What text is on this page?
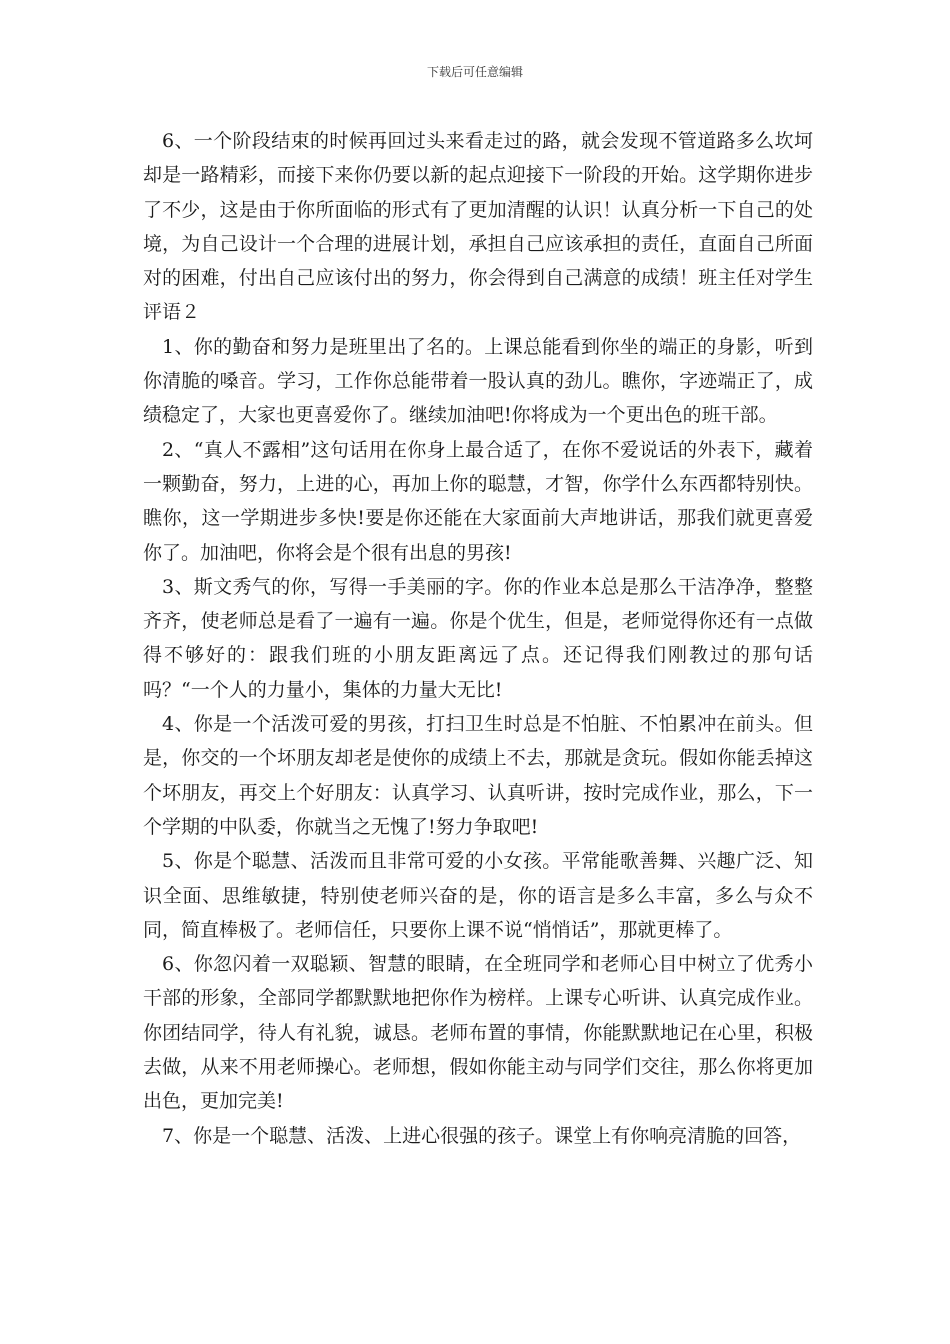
下载后可任意编辑

6、一个阶段结束的时候再回过头来看走过的路，就会发现不管道路多么坎坷却是一路精彩，而接下来你仍要以新的起点迎接下一阶段的开始。这学期你进步了不少，这是由于你所面临的形式有了更加清醒的认识！认真分析一下自己的处境，为自己设计一个合理的进展计划，承担自己应该承担的责任，直面自己所面对的困难，付出自己应该付出的努力，你会得到自己满意的成绩！班主任对学生评语２

1、你的勤奋和努力是班里出了名的。上课总能看到你坐的端正的身影，听到你清脆的嗓音。学习，工作你总能带着一股认真的劲儿。瞧你，字迹端正了，成绩稳定了，大家也更喜爱你了。继续加油吧!你将成为一个更出色的班干部。

2、“真人不露相”这句话用在你身上最合适了，在你不爱说话的外表下，藏着一颗勤奋，努力，上进的心，再加上你的聪慧，才智，你学什么东西都特别快。瞧你，这一学期进步多快!要是你还能在大家面前大声地讲话，那我们就更喜爱你了。加油吧，你将会是个很有出息的男孩!

3、斯文秀气的你，写得一手美丽的字。你的作业本总是那么干洁净净，整整齐齐，使老师总是看了一遍有一遍。你是个优生，但是，老师觉得你还有一点做得不够好的：跟我们班的小朋友距离远了点。还记得我们刚教过的那句话吗？“一个人的力量小，集体的力量大无比!

4、你是一个活泼可爱的男孩，打扫卫生时总是不怕脏、不怕累冲在前头。但是，你交的一个坏朋友却老是使你的成绩上不去，那就是贪玩。假如你能丢掉这个坏朋友，再交上个好朋友：认真学习、认真听讲，按时完成作业，那么，下一个学期的中队委，你就当之无愧了!努力争取吧!

5、你是个聪慧、活泼而且非常可爱的小女孩。平常能歌善舞、兴趣广泛、知识全面、思维敏捷，特别使老师兴奋的是，你的语言是多么丰富，多么与众不同，简直棒极了。老师信任，只要你上课不说“悄悄话”，那就更棒了。

6、你忽闪着一双聪颖、智慧的眼睛，在全班同学和老师心目中树立了优秀小干部的形象，全部同学都默默地把你作为榜样。上课专心听讲、认真完成作业。你团结同学，待人有礼貌，诚恳。老师布置的事情，你能默默地记在心里，积极去做，从来不用老师操心。老师想，假如你能主动与同学们交往，那么你将更加出色，更加完美!

7、你是一个聪慧、活泼、上进心很强的孩子。课堂上有你响亮清脆的回答，
